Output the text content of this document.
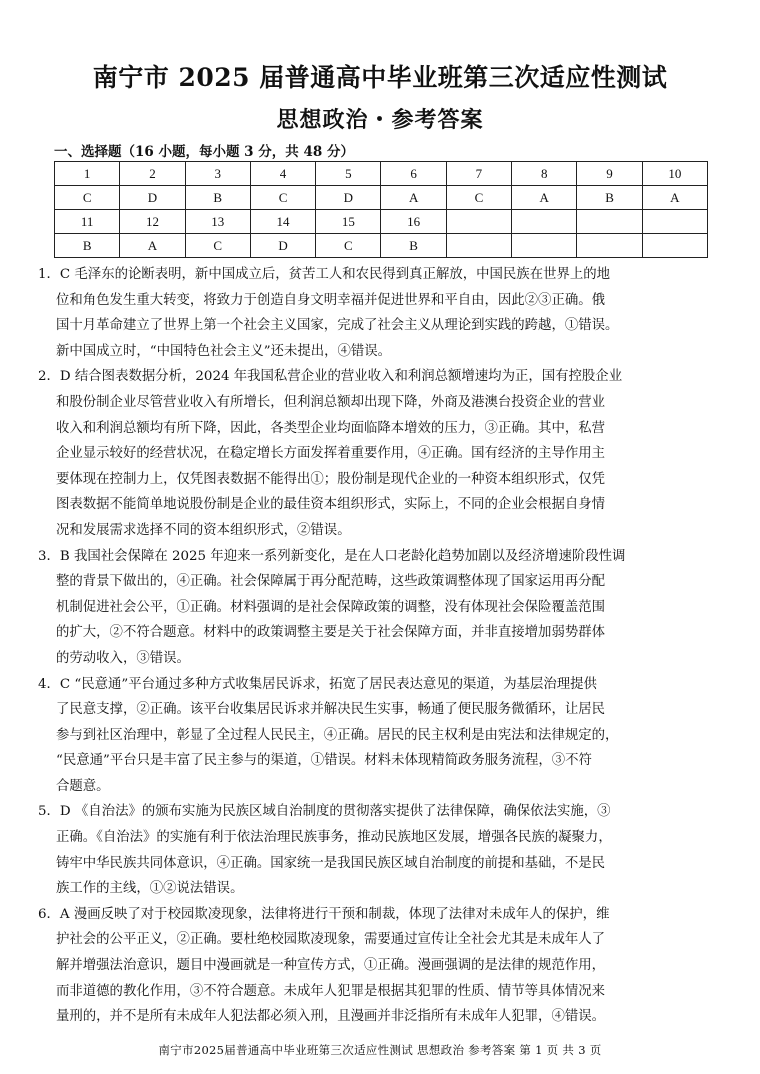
南宁市 2025 届普通高中毕业班第三次适应性测试
思想政治・参考答案
一、选择题（16 小题，每小题 3 分，共 48 分）
1	2	3	4	5	6	7	8	9	10
C	D	B	C	D	A	C	A	B	A
11	12	13	14	15	16				
B	A	C	D	C	B				

1．C 毛泽东的论断表明，新中国成立后，贫苦工人和农民得到真正解放，中国民族在世界上的地
位和角色发生重大转变，将致力于创造自身文明幸福并促进世界和平自由，因此②③正确。俄
国十月革命建立了世界上第一个社会主义国家，完成了社会主义从理论到实践的跨越，①错误。
新中国成立时，“中国特色社会主义”还未提出，④错误。

2．D 结合图表数据分析，2024 年我国私营企业的营业收入和利润总额增速均为正，国有控股企业
和股份制企业尽管营业收入有所增长，但利润总额却出现下降，外商及港澳台投资企业的营业
收入和利润总额均有所下降，因此，各类型企业均面临降本增效的压力，③正确。其中，私营
企业显示较好的经营状况，在稳定增长方面发挥着重要作用，④正确。国有经济的主导作用主
要体现在控制力上，仅凭图表数据不能得出①；股份制是现代企业的一种资本组织形式，仅凭
图表数据不能简单地说股份制是企业的最佳资本组织形式，实际上，不同的企业会根据自身情
况和发展需求选择不同的资本组织形式，②错误。

3．B 我国社会保障在 2025 年迎来一系列新变化，是在人口老龄化趋势加剧以及经济增速阶段性调
整的背景下做出的，④正确。社会保障属于再分配范畴，这些政策调整体现了国家运用再分配
机制促进社会公平，①正确。材料强调的是社会保障政策的调整，没有体现社会保险覆盖范围
的扩大，②不符合题意。材料中的政策调整主要是关于社会保障方面，并非直接增加弱势群体
的劳动收入，③错误。

4．C “民意通”平台通过多种方式收集居民诉求，拓宽了居民表达意见的渠道，为基层治理提供
了民意支撑，②正确。该平台收集居民诉求并解决民生实事，畅通了便民服务微循环，让居民
参与到社区治理中，彰显了全过程人民民主，④正确。居民的民主权利是由宪法和法律规定的，
“民意通”平台只是丰富了民主参与的渠道，①错误。材料未体现精简政务服务流程，③不符
合题意。

5．D 《自治法》的颁布实施为民族区域自治制度的贯彻落实提供了法律保障，确保依法实施，③
正确。《自治法》的实施有利于依法治理民族事务，推动民族地区发展，增强各民族的凝聚力，
铸牢中华民族共同体意识，④正确。国家统一是我国民族区域自治制度的前提和基础，不是民
族工作的主线，①②说法错误。

6．A 漫画反映了对于校园欺凌现象，法律将进行干预和制裁，体现了法律对未成年人的保护，维
护社会的公平正义，②正确。要杜绝校园欺凌现象，需要通过宣传让全社会尤其是未成年人了
解并增强法治意识，题目中漫画就是一种宣传方式，①正确。漫画强调的是法律的规范作用，
而非道德的教化作用，③不符合题意。未成年人犯罪是根据其犯罪的性质、情节等具体情况来
量刑的，并不是所有未成年人犯法都必须入刑，且漫画并非泛指所有未成年人犯罪，④错误。

南宁市2025届普通高中毕业班第三次适应性测试 思想政治 参考答案 第 1 页 共 3 页
